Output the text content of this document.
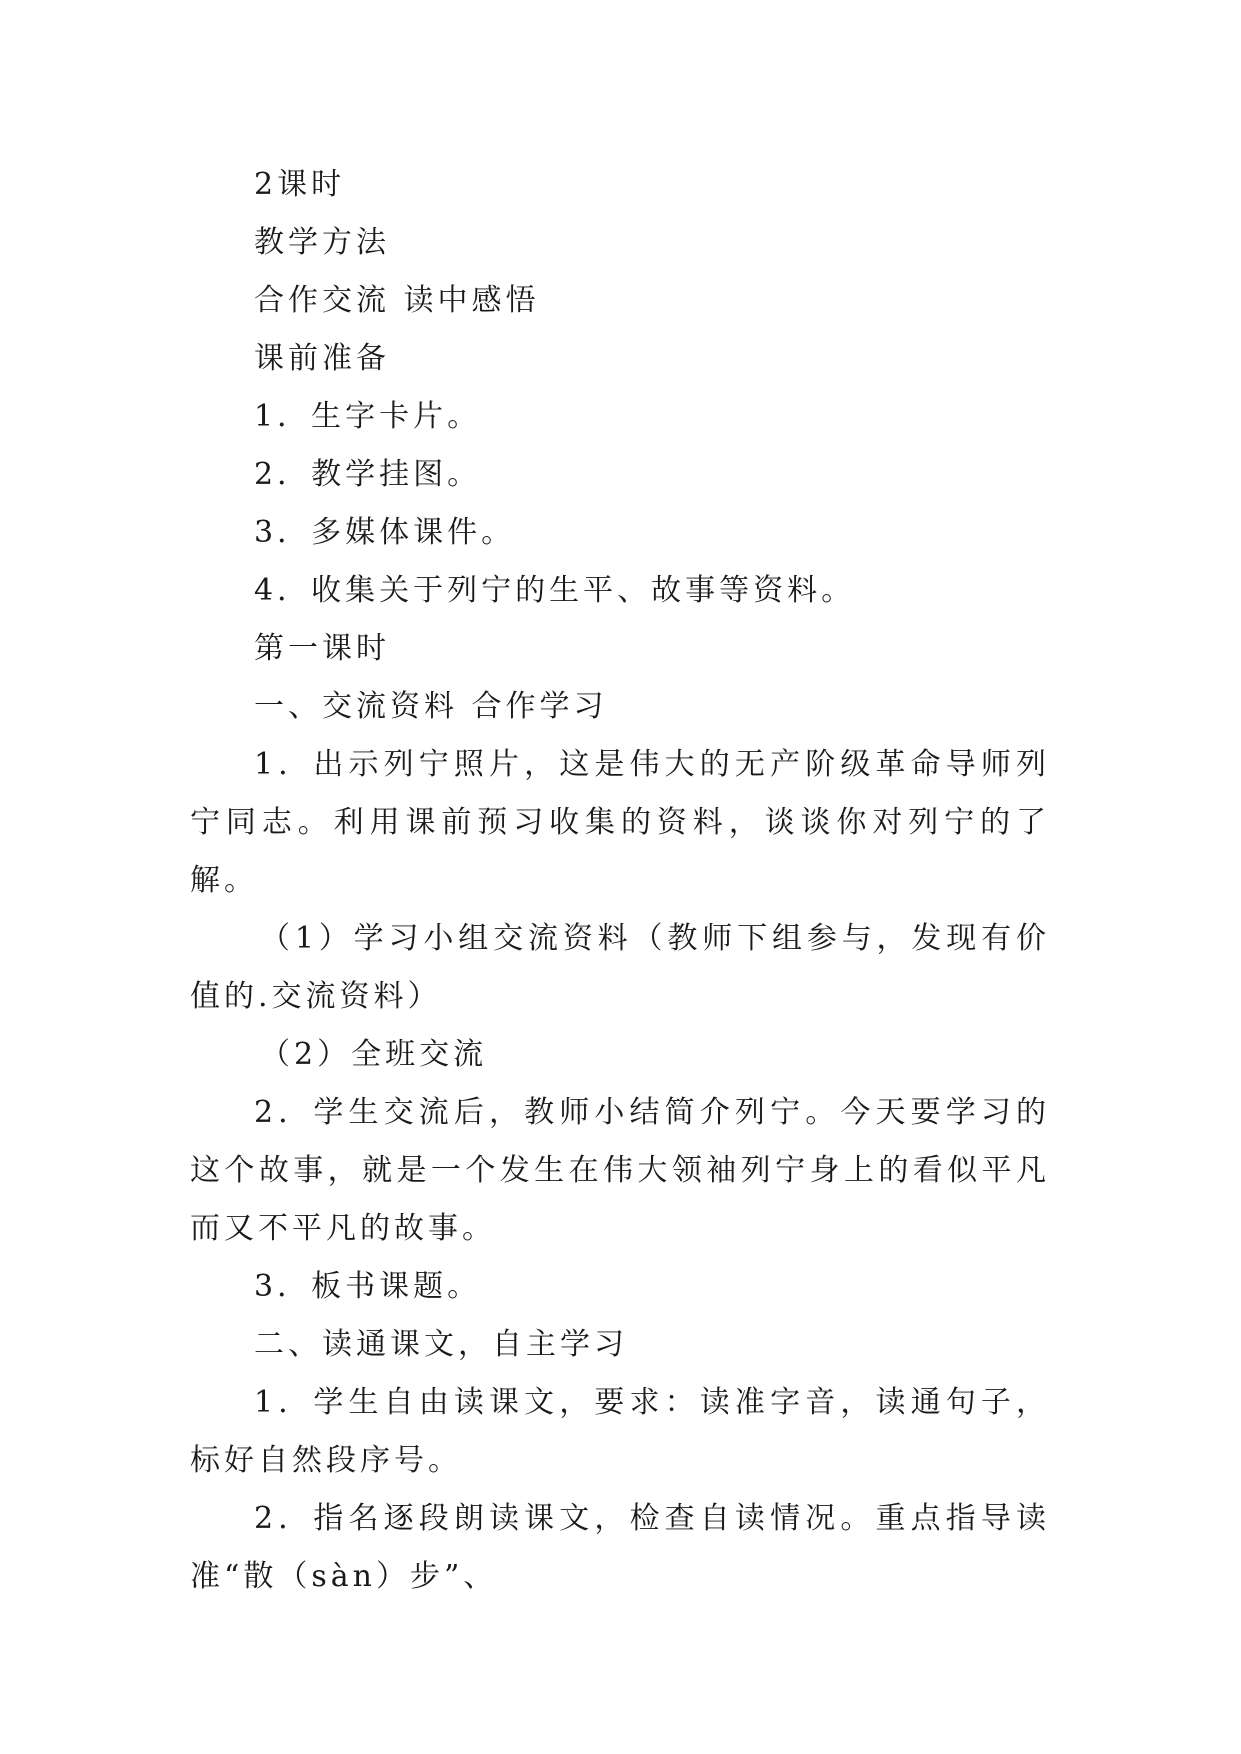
2课时

教学方法

合作交流 读中感悟

课前准备

1．生字卡片。

2．教学挂图。

3．多媒体课件。

4．收集关于列宁的生平、故事等资料。

第一课时

一、交流资料 合作学习

1．出示列宁照片，这是伟大的无产阶级革命导师列宁同志。利用课前预习收集的资料，谈谈你对列宁的了解。

（1）学习小组交流资料（教师下组参与，发现有价值的.交流资料）

（2）全班交流

2．学生交流后，教师小结简介列宁。今天要学习的这个故事，就是一个发生在伟大领袖列宁身上的看似平凡而又不平凡的故事。

3．板书课题。

二、读通课文，自主学习

1．学生自由读课文，要求：读准字音，读通句子，标好自然段序号。

2．指名逐段朗读课文，检查自读情况。重点指导读准“散（sàn）步”、
